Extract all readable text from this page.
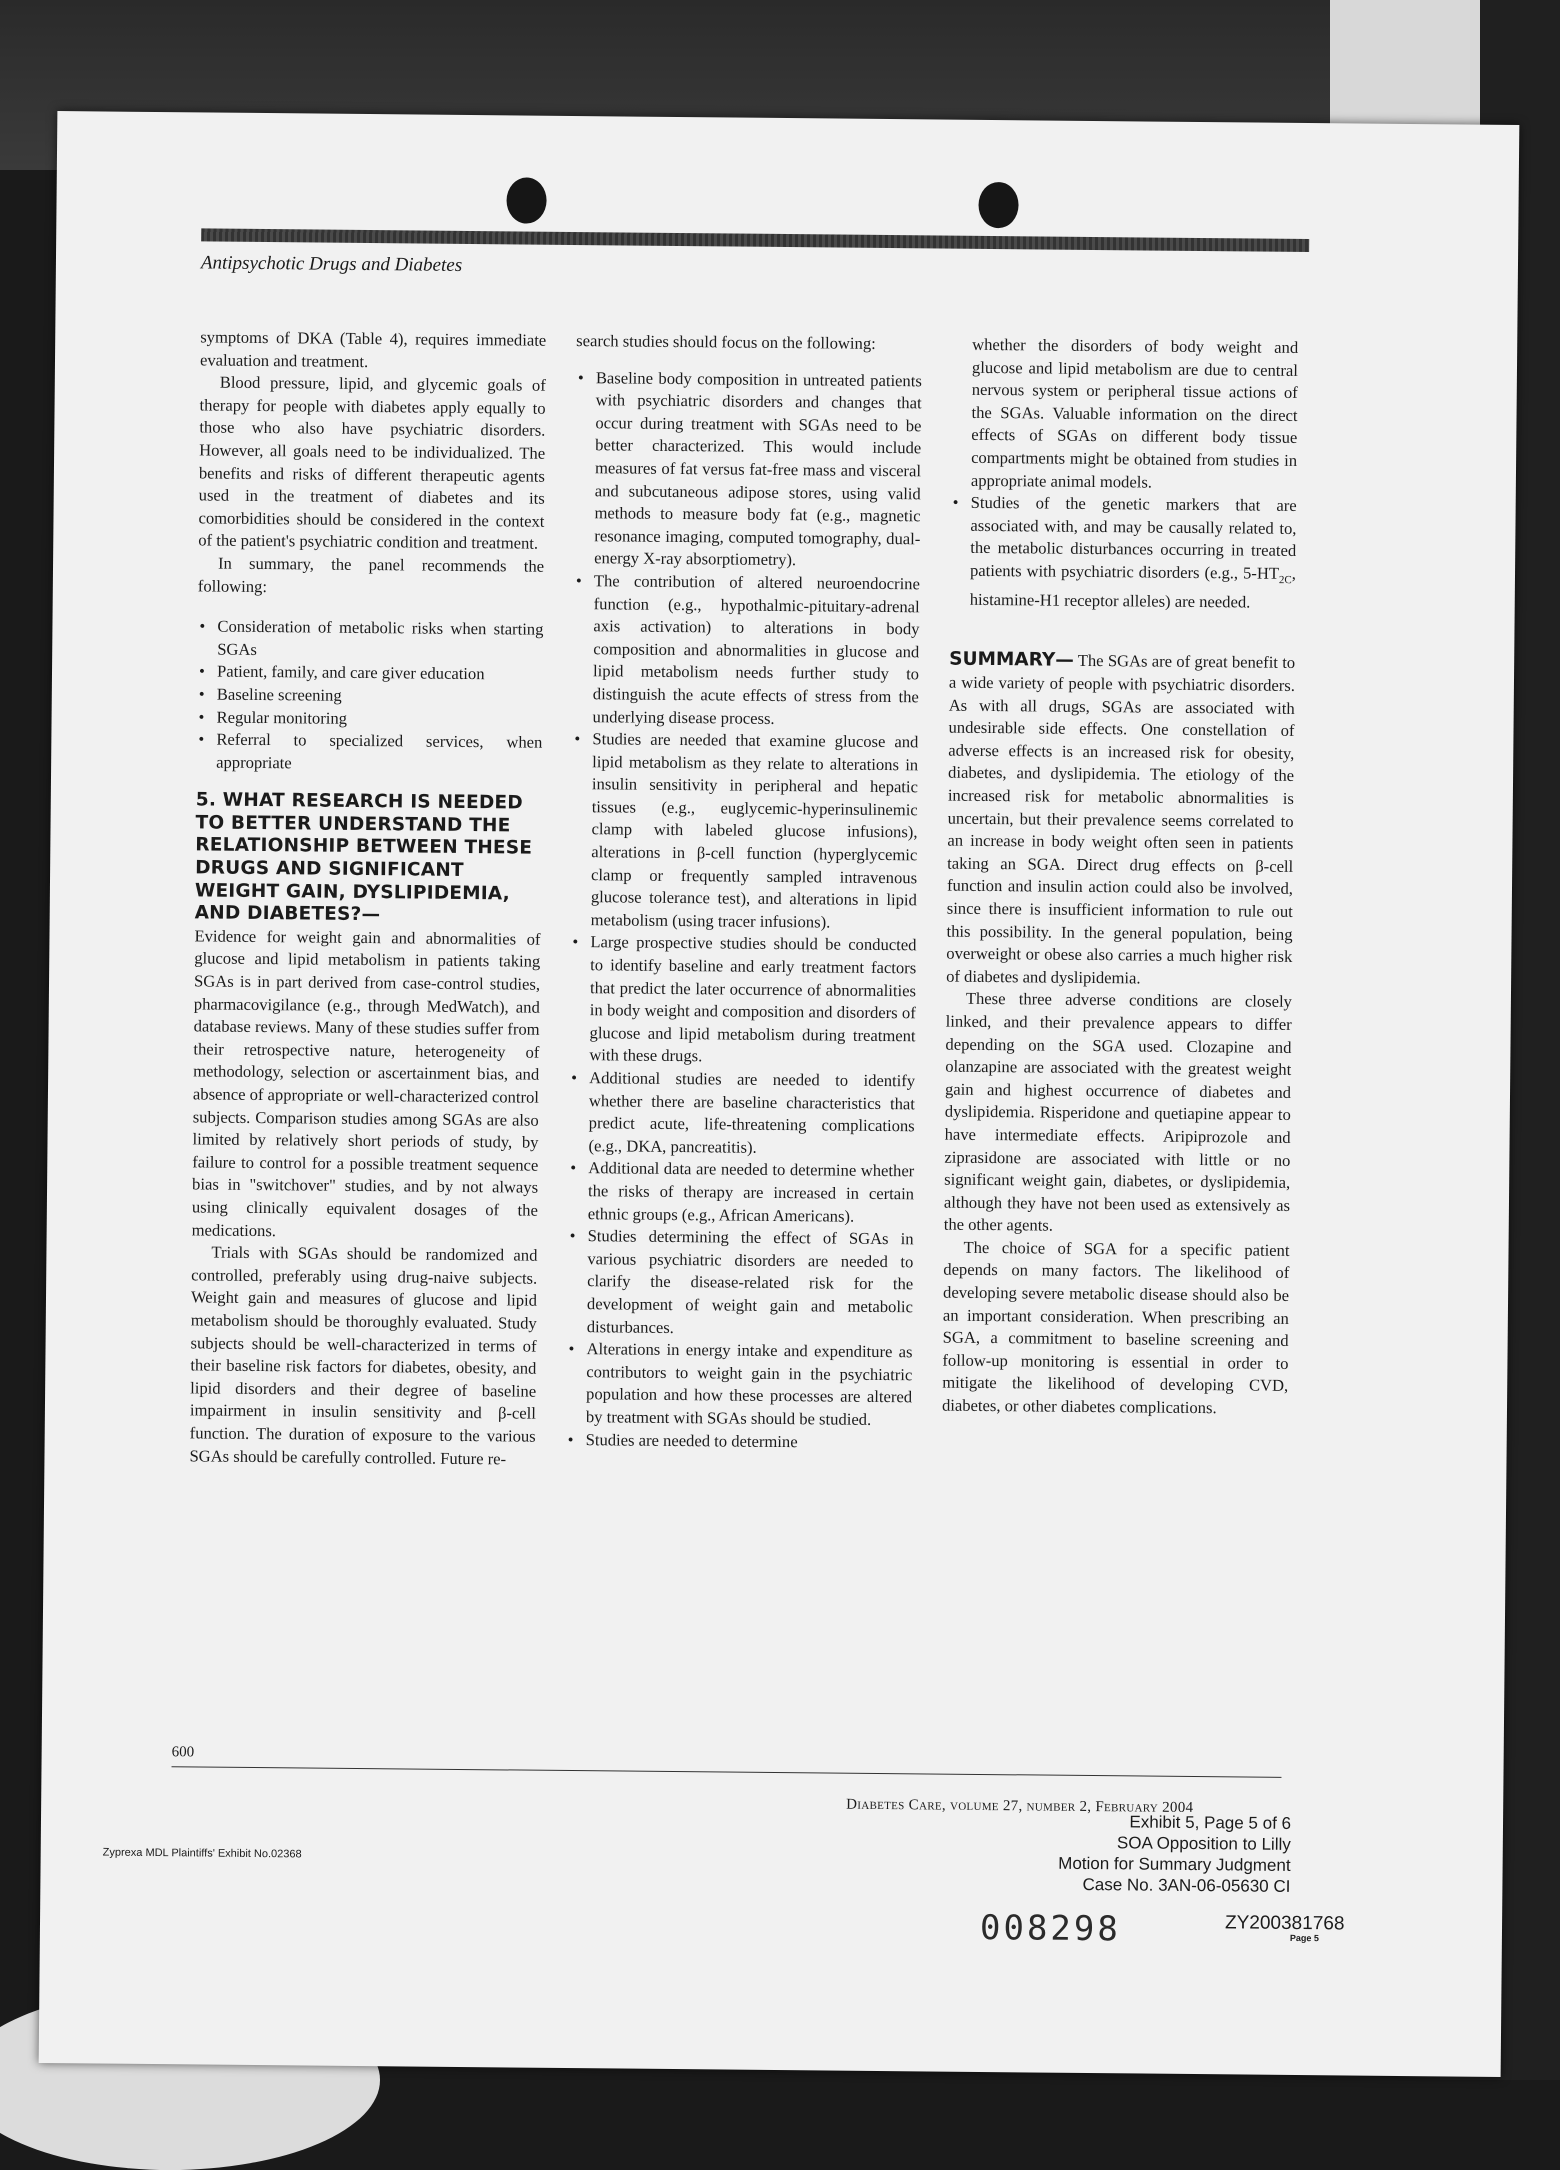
Antipsychotic Drugs and Diabetes

symptoms of DKA (Table 4), requires immediate evaluation and treatment.

Blood pressure, lipid, and glycemic goals of therapy for people with diabetes apply equally to those who also have psychiatric disorders. However, all goals need to be individualized. The benefits and risks of different therapeutic agents used in the treatment of diabetes and its comorbidities should be considered in the context of the patient's psychiatric condition and treatment.

In summary, the panel recommends the following:

• Consideration of metabolic risks when starting SGAs
• Patient, family, and care giver education
• Baseline screening
• Regular monitoring
• Referral to specialized services, when appropriate

5. WHAT RESEARCH IS NEEDED TO BETTER UNDERSTAND THE RELATIONSHIP BETWEEN THESE DRUGS AND SIGNIFICANT WEIGHT GAIN, DYSLIPIDEMIA, AND DIABETES?—
Evidence for weight gain and abnormalities of glucose and lipid metabolism in patients taking SGAs is in part derived from case-control studies, pharmacovigilance (e.g., through MedWatch), and database reviews. Many of these studies suffer from their retrospective nature, heterogeneity of methodology, selection or ascertainment bias, and absence of appropriate or well-characterized control subjects. Comparison studies among SGAs are also limited by relatively short periods of study, by failure to control for a possible treatment sequence bias in "switchover" studies, and by not always using clinically equivalent dosages of the medications.

Trials with SGAs should be randomized and controlled, preferably using drug-naive subjects. Weight gain and measures of glucose and lipid metabolism should be thoroughly evaluated. Study subjects should be well-characterized in terms of their baseline risk factors for diabetes, obesity, and lipid disorders and their degree of baseline impairment in insulin sensitivity and β-cell function. The duration of exposure to the various SGAs should be carefully controlled. Future re-

search studies should focus on the following:

• Baseline body composition in untreated patients with psychiatric disorders and changes that occur during treatment with SGAs need to be better characterized. This would include measures of fat versus fat-free mass and visceral and subcutaneous adipose stores, using valid methods to measure body fat (e.g., magnetic resonance imaging, computed tomography, dual-energy X-ray absorptiometry).
• The contribution of altered neuroendocrine function (e.g., hypothalmic-pituitary-adrenal axis activation) to alterations in body composition and abnormalities in glucose and lipid metabolism needs further study to distinguish the acute effects of stress from the underlying disease process.
• Studies are needed that examine glucose and lipid metabolism as they relate to alterations in insulin sensitivity in peripheral and hepatic tissues (e.g., euglycemic-hyperinsulinemic clamp with labeled glucose infusions), alterations in β-cell function (hyperglycemic clamp or frequently sampled intravenous glucose tolerance test), and alterations in lipid metabolism (using tracer infusions).
• Large prospective studies should be conducted to identify baseline and early treatment factors that predict the later occurrence of abnormalities in body weight and composition and disorders of glucose and lipid metabolism during treatment with these drugs.
• Additional studies are needed to identify whether there are baseline characteristics that predict acute, life-threatening complications (e.g., DKA, pancreatitis).
• Additional data are needed to determine whether the risks of therapy are increased in certain ethnic groups (e.g., African Americans).
• Studies determining the effect of SGAs in various psychiatric disorders are needed to clarify the disease-related risk for the development of weight gain and metabolic disturbances.
• Alterations in energy intake and expenditure as contributors to weight gain in the psychiatric population and how these processes are altered by treatment with SGAs should be studied.
• Studies are needed to determine

whether the disorders of body weight and glucose and lipid metabolism are due to central nervous system or peripheral tissue actions of the SGAs. Valuable information on the direct effects of SGAs on different body tissue compartments might be obtained from studies in appropriate animal models.

• Studies of the genetic markers that are associated with, and may be causally related to, the metabolic disturbances occurring in treated patients with psychiatric disorders (e.g., $5-HT_{2C}$, histamine-H1 receptor alleles) are needed.

SUMMARY— The SGAs are of great benefit to a wide variety of people with psychiatric disorders. As with all drugs, SGAs are associated with undesirable side effects. One constellation of adverse effects is an increased risk for obesity, diabetes, and dyslipidemia. The etiology of the increased risk for metabolic abnormalities is uncertain, but their prevalence seems correlated to an increase in body weight often seen in patients taking an SGA. Direct drug effects on β-cell function and insulin action could also be involved, since there is insufficient information to rule out this possibility. In the general population, being overweight or obese also carries a much higher risk of diabetes and dyslipidemia.

These three adverse conditions are closely linked, and their prevalence appears to differ depending on the SGA used. Clozapine and olanzapine are associated with the greatest weight gain and highest occurrence of diabetes and dyslipidemia. Risperidone and quetiapine appear to have intermediate effects. Aripiprozole and ziprasidone are associated with little or no significant weight gain, diabetes, or dyslipidemia, although they have not been used as extensively as the other agents.

The choice of SGA for a specific patient depends on many factors. The likelihood of developing severe metabolic disease should also be an important consideration. When prescribing an SGA, a commitment to baseline screening and follow-up monitoring is essential in order to mitigate the likelihood of developing CVD, diabetes, or other diabetes complications.

600
Diabetes Care, volume 27, number 2, February 2004
Exhibit 5, Page 5 of 6
SOA Opposition to Lilly
Motion for Summary Judgment
Case No. 3AN-06-05630 CI
Zyprexa MDL Plaintiffs' Exhibit No.02368
008298	ZY200381768
Page 5
